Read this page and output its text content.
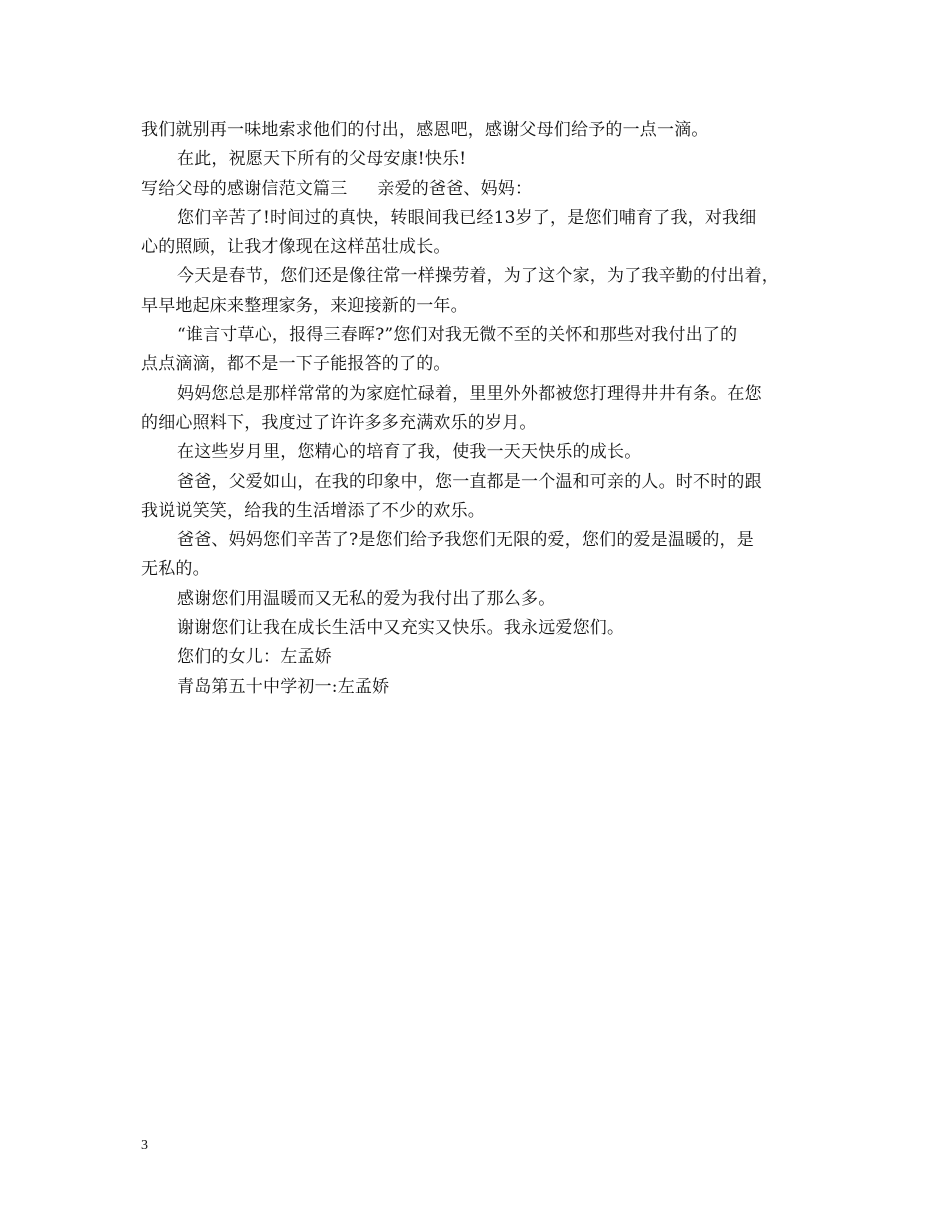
我们就别再一味地索求他们的付出，感恩吧，感谢父母们给予的一点一滴。
在此，祝愿天下所有的父母安康!快乐!
写给父母的感谢信范文篇三 亲爱的爸爸、妈妈：
您们辛苦了!时间过的真快，转眼间我已经13岁了，是您们哺育了我，对我细
心的照顾，让我才像现在这样茁壮成长。
今天是春节，您们还是像往常一样操劳着，为了这个家，为了我辛勤的付出着，
早早地起床来整理家务，来迎接新的一年。
“谁言寸草心，报得三春晖?”您们对我无微不至的关怀和那些对我付出了的
点点滴滴，都不是一下子能报答的了的。
妈妈您总是那样常常的为家庭忙碌着，里里外外都被您打理得井井有条。在您
的细心照料下，我度过了许许多多充满欢乐的岁月。
在这些岁月里，您精心的培育了我，使我一天天快乐的成长。
爸爸，父爱如山，在我的印象中，您一直都是一个温和可亲的人。时不时的跟
我说说笑笑，给我的生活增添了不少的欢乐。
爸爸、妈妈您们辛苦了?是您们给予我您们无限的爱，您们的爱是温暖的，是
无私的。
感谢您们用温暖而又无私的爱为我付出了那么多。
谢谢您们让我在成长生活中又充实又快乐。我永远爱您们。
您们的女儿：左孟娇
青岛第五十中学初一:左孟娇
3
